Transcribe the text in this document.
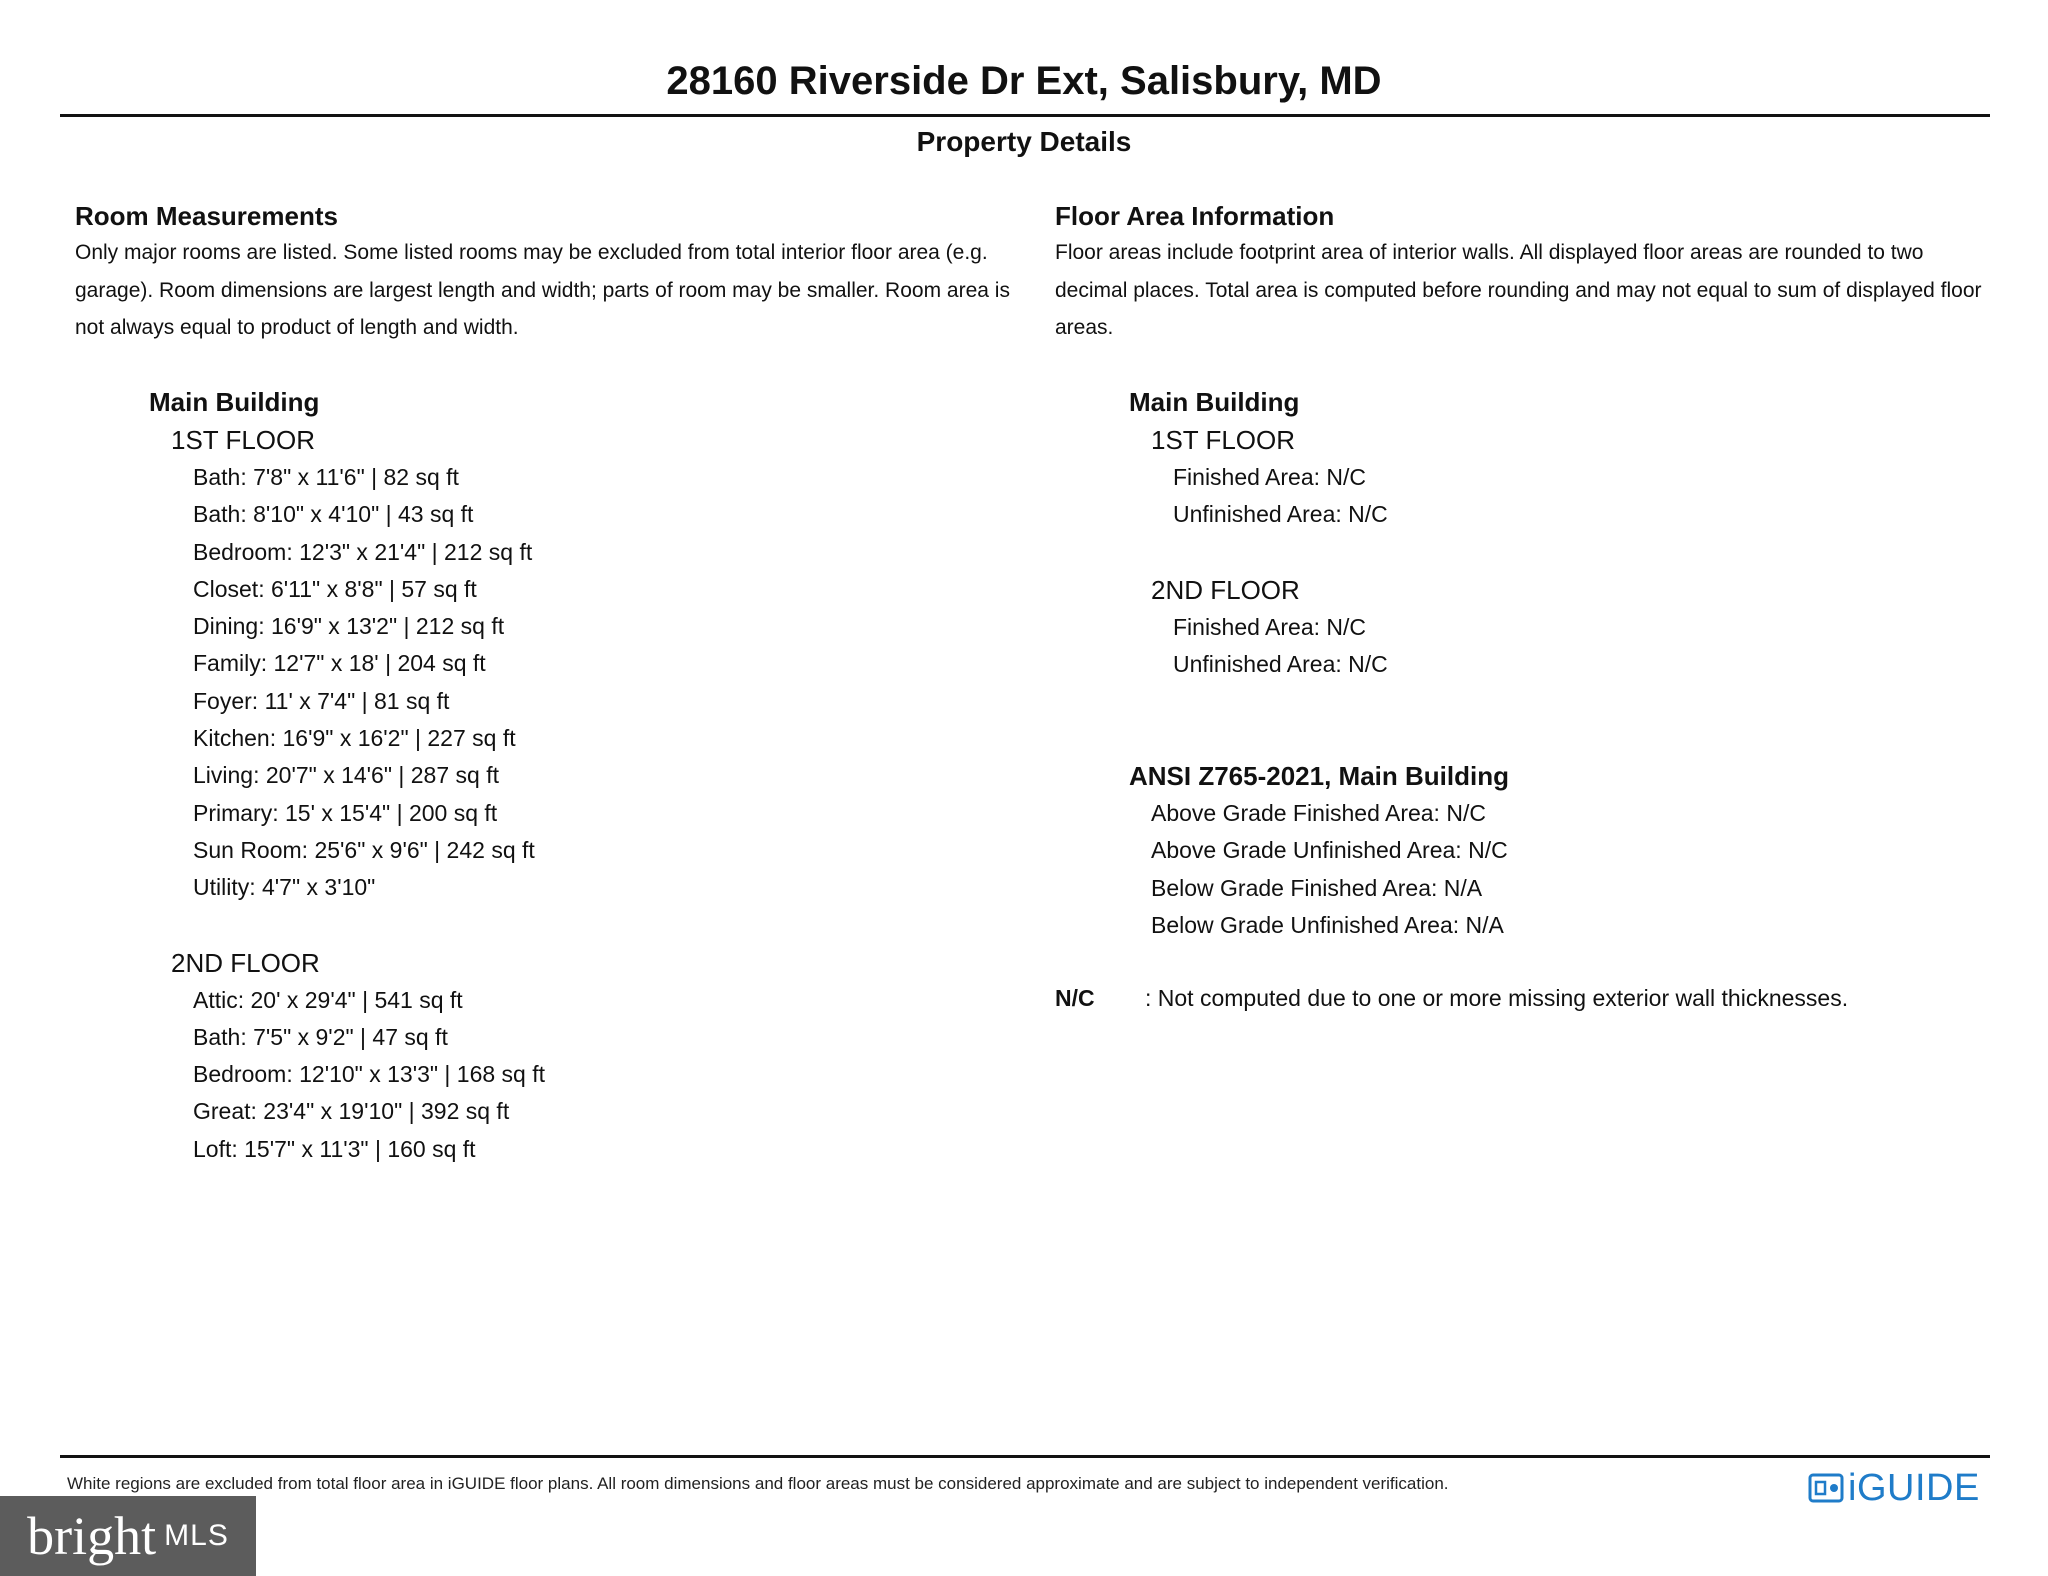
28160 Riverside Dr Ext, Salisbury, MD
Property Details

Room Measurements

Only major rooms are listed. Some listed rooms may be excluded from total interior floor area (e.g. garage). Room dimensions are largest length and width; parts of room may be smaller. Room area is not always equal to product of length and width.

Main Building
1ST FLOOR
Bath: 7'8" x 11'6" | 82 sq ft
Bath: 8'10" x 4'10" | 43 sq ft
Bedroom: 12'3" x 21'4" | 212 sq ft
Closet: 6'11" x 8'8" | 57 sq ft
Dining: 16'9" x 13'2" | 212 sq ft
Family: 12'7" x 18' | 204 sq ft
Foyer: 11' x 7'4" | 81 sq ft
Kitchen: 16'9" x 16'2" | 227 sq ft
Living: 20'7" x 14'6" | 287 sq ft
Primary: 15' x 15'4" | 200 sq ft
Sun Room: 25'6" x 9'6" | 242 sq ft
Utility: 4'7" x 3'10"
2ND FLOOR
Attic: 20' x 29'4" | 541 sq ft
Bath: 7'5" x 9'2" | 47 sq ft
Bedroom: 12'10" x 13'3" | 168 sq ft
Great: 23'4" x 19'10" | 392 sq ft
Loft: 15'7" x 11'3" | 160 sq ft

Floor Area Information

Floor areas include footprint area of interior walls. All displayed floor areas are rounded to two decimal places. Total area is computed before rounding and may not equal to sum of displayed floor areas.

Main Building
1ST FLOOR
Finished Area: N/C
Unfinished Area: N/C
2ND FLOOR
Finished Area: N/C
Unfinished Area: N/C
ANSI Z765-2021, Main Building
Above Grade Finished Area: N/C
Above Grade Unfinished Area: N/C
Below Grade Finished Area: N/A
Below Grade Unfinished Area: N/A
N/C : Not computed due to one or more missing exterior wall thicknesses.
White regions are excluded from total floor area in iGUIDE floor plans. All room dimensions and floor areas must be considered approximate and are subject to independent verification.	iGUIDE
bright MLS
